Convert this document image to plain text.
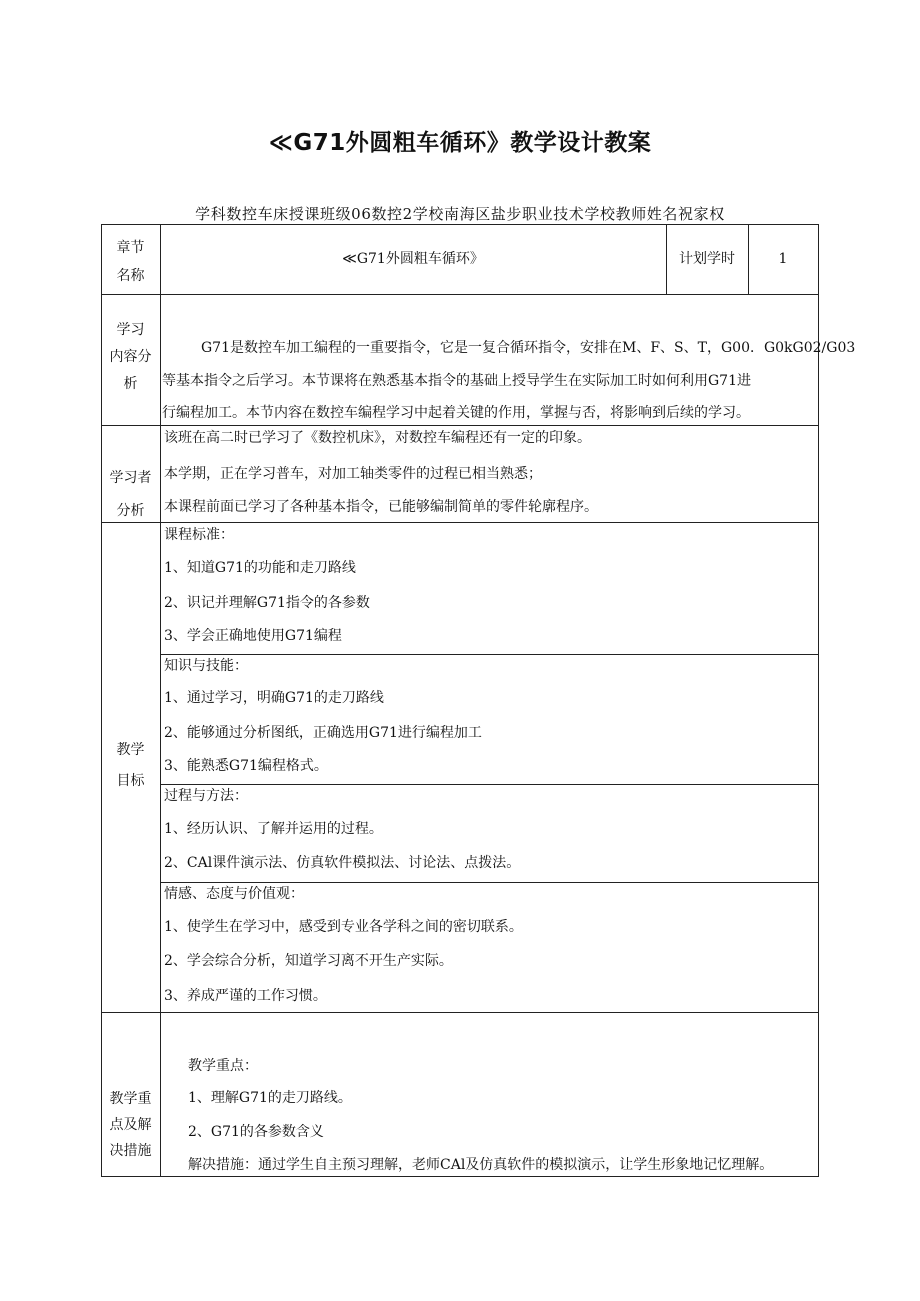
≪G71外圆粗车循环》教学设计教案
学科数控车床授课班级06数控2学校南海区盐步职业技术学校教师姓名祝家权
章节
名称
≪G71外圆粗车循环》	计划学时	1
学习
内容分
析
G71是数控车加工编程的一重要指令，它是一复合循环指令，安排在M、F、S、T，G00．G0kG02/G03
等基本指令之后学习。本节课将在熟悉基本指令的基础上授导学生在实际加工时如何利用G71进
行编程加工。本节内容在数控车编程学习中起着关键的作用，掌握与否，将影响到后续的学习。
学习者
分析
该班在高二时已学习了《数控机床》，对数控车编程还有一定的印象。
本学期，正在学习普车，对加工轴类零件的过程已相当熟悉；
本课程前面已学习了各种基本指令，已能够编制简单的零件轮廓程序。
教学
目标
课程标准：
1、知道G71的功能和走刀路线
2、识记并理解G71指令的各参数
3、学会正确地使用G71编程
知识与技能：
1、通过学习，明确G71的走刀路线
2、能够通过分析图纸，正确选用G71进行编程加工
3、能熟悉G71编程格式。
过程与方法：
1、经历认识、了解并运用的过程。
2、CAl课件演示法、仿真软件模拟法、讨论法、点拨法。
情感、态度与价值观：
1、使学生在学习中，感受到专业各学科之间的密切联系。
2、学会综合分析，知道学习离不开生产实际。
3、养成严谨的工作习惯。
教学重
点及解
决措施
教学重点：
1、理解G71的走刀路线。
2、G71的各参数含义
解决措施：通过学生自主预习理解，老师CAl及仿真软件的模拟演示，让学生形象地记忆理解。
